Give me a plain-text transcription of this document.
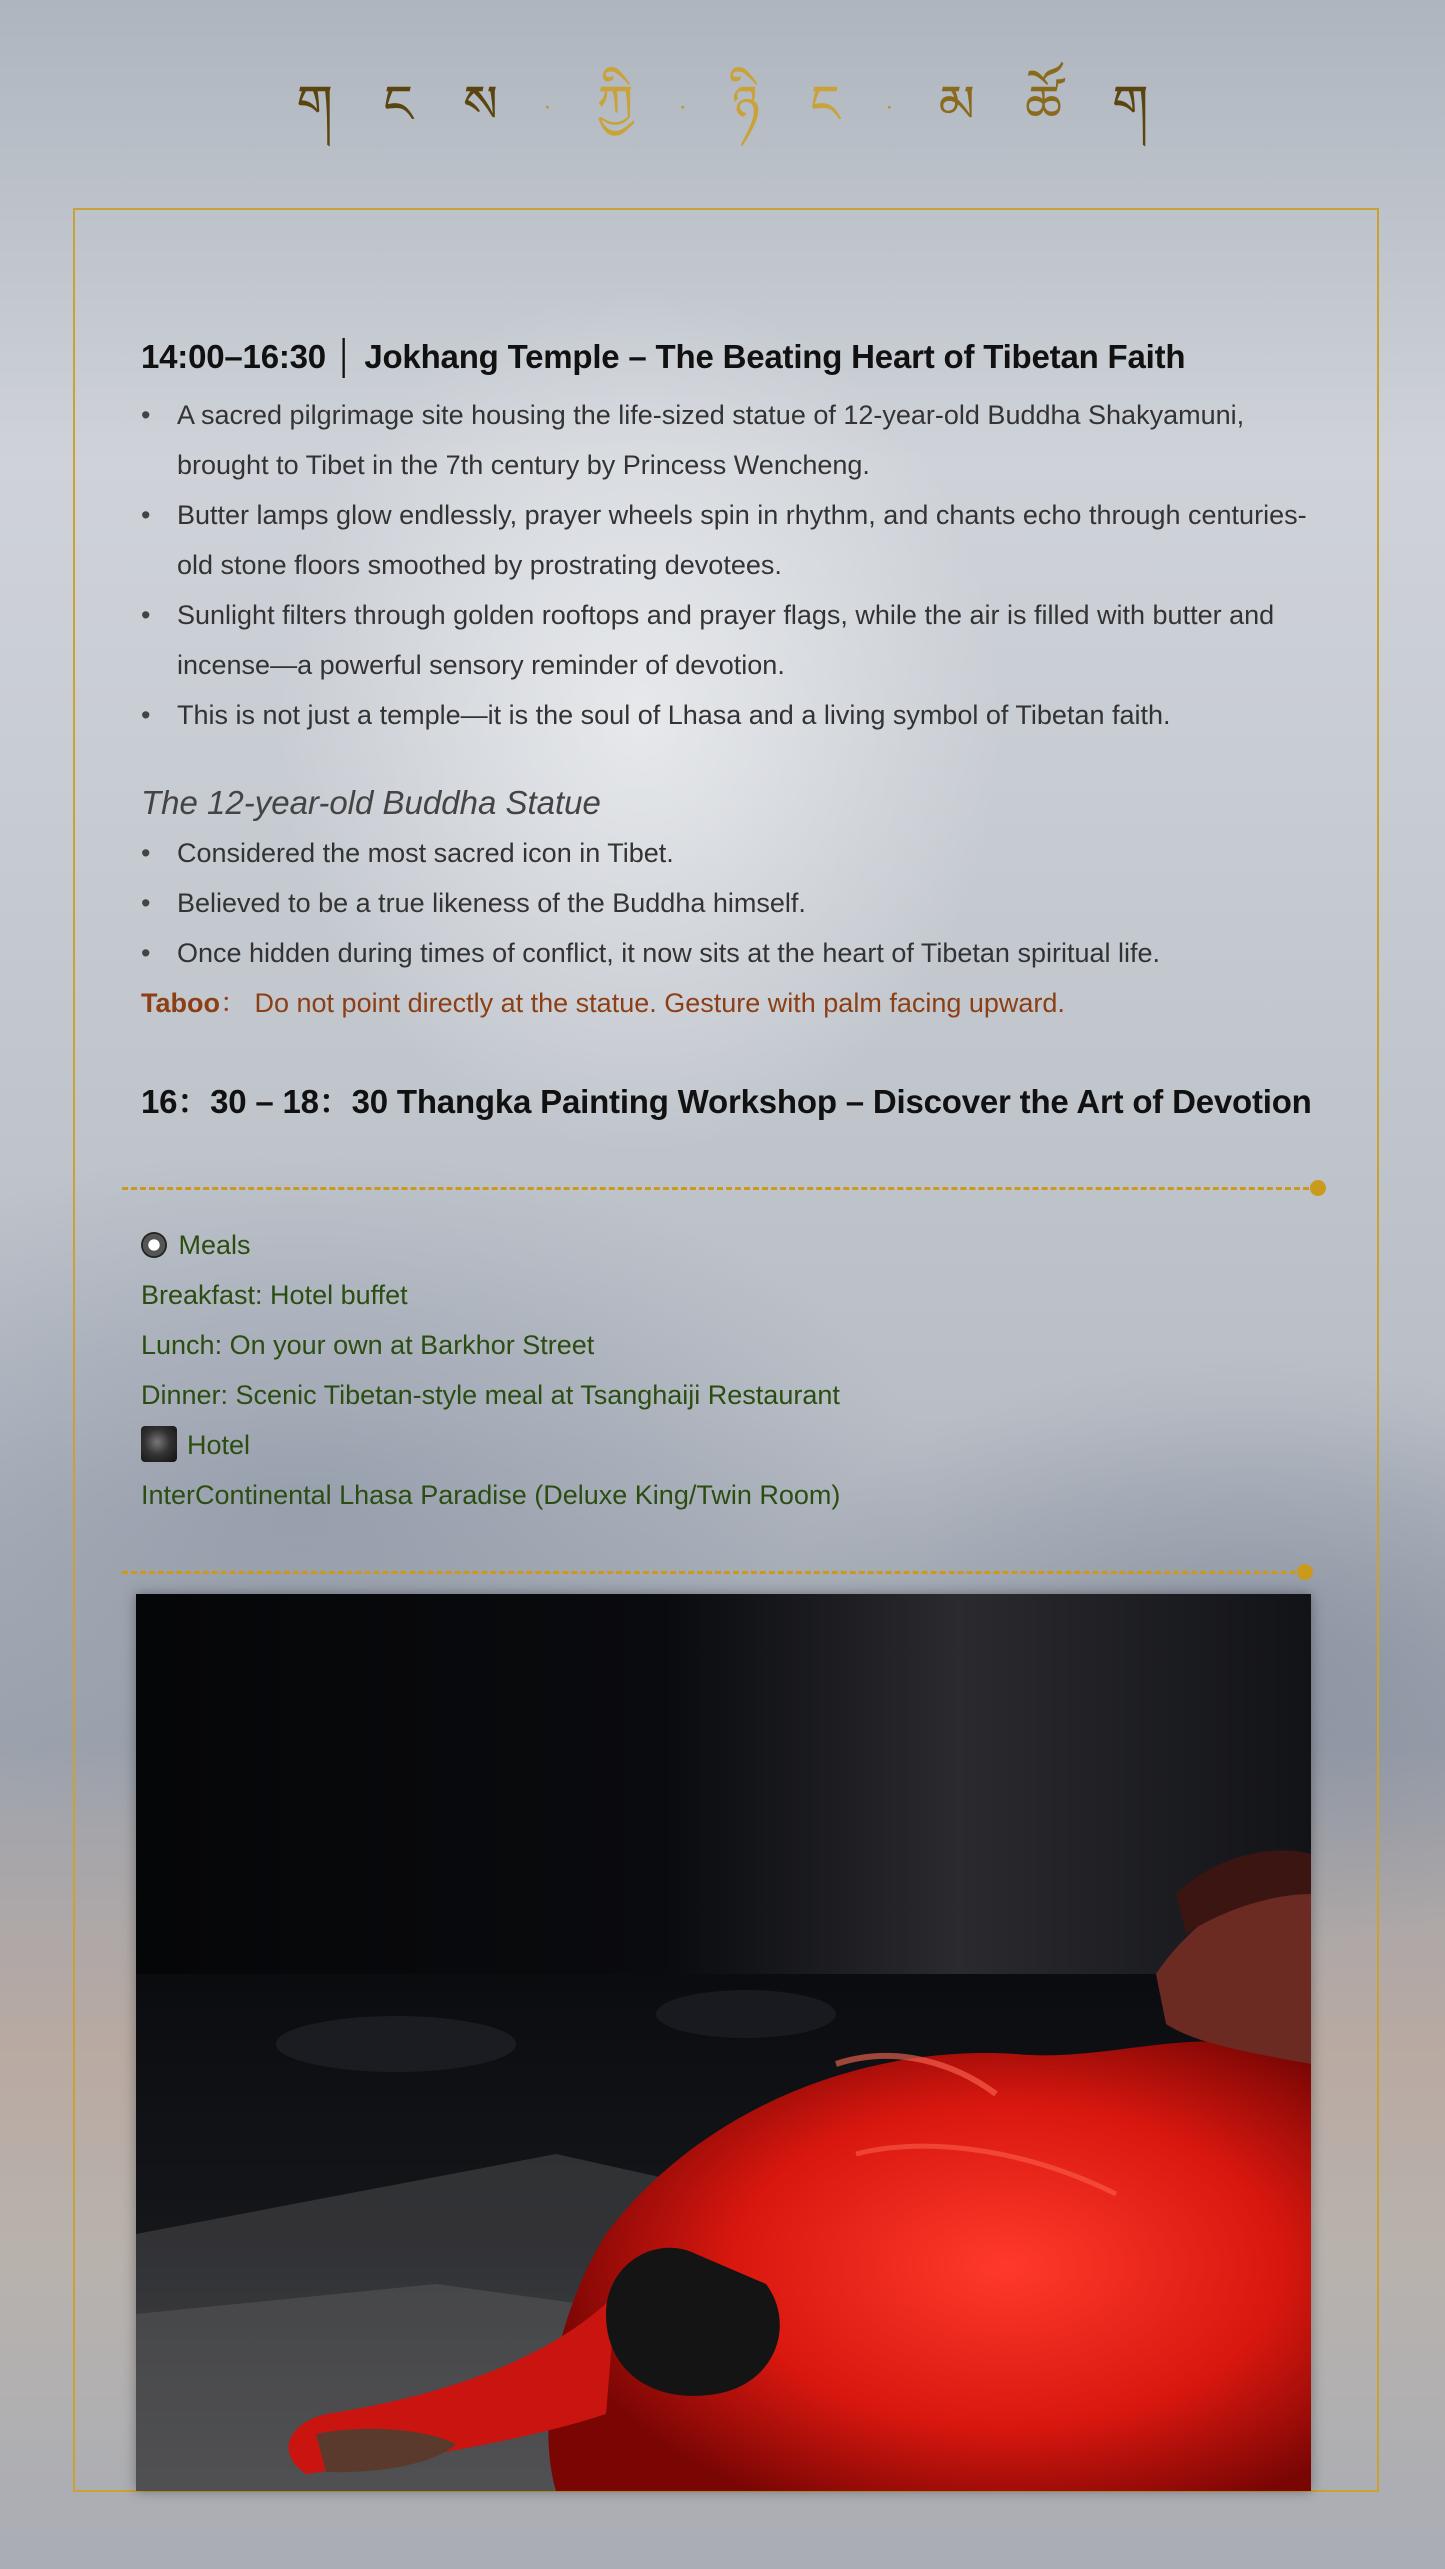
ག ང ས ་ ཀྱི ་ ཉི ང ་ མ ཚོ ག
14:00–16:30 │ Jokhang Temple – The Beating Heart of Tibetan Faith
• A sacred pilgrimage site housing the life-sized statue of 12-year-old Buddha Shakyamuni, brought to Tibet in the 7th century by Princess Wencheng.
• Butter lamps glow endlessly, prayer wheels spin in rhythm, and chants echo through centuries-old stone floors smoothed by prostrating devotees.
• Sunlight filters through golden rooftops and prayer flags, while the air is filled with butter and incense—a powerful sensory reminder of devotion.
• This is not just a temple—it is the soul of Lhasa and a living symbol of Tibetan faith.
The 12-year-old Buddha Statue
• Considered the most sacred icon in Tibet.
• Believed to be a true likeness of the Buddha himself.
• Once hidden during times of conflict, it now sits at the heart of Tibetan spiritual life.
Taboo： Do not point directly at the statue. Gesture with palm facing upward.
16：30 – 18：30 Thangka Painting Workshop – Discover the Art of Devotion
Meals
Breakfast: Hotel buffet
Lunch: On your own at Barkhor Street
Dinner: Scenic Tibetan-style meal at Tsanghaiji Restaurant
Hotel
InterContinental Lhasa Paradise (Deluxe King/Twin Room)
